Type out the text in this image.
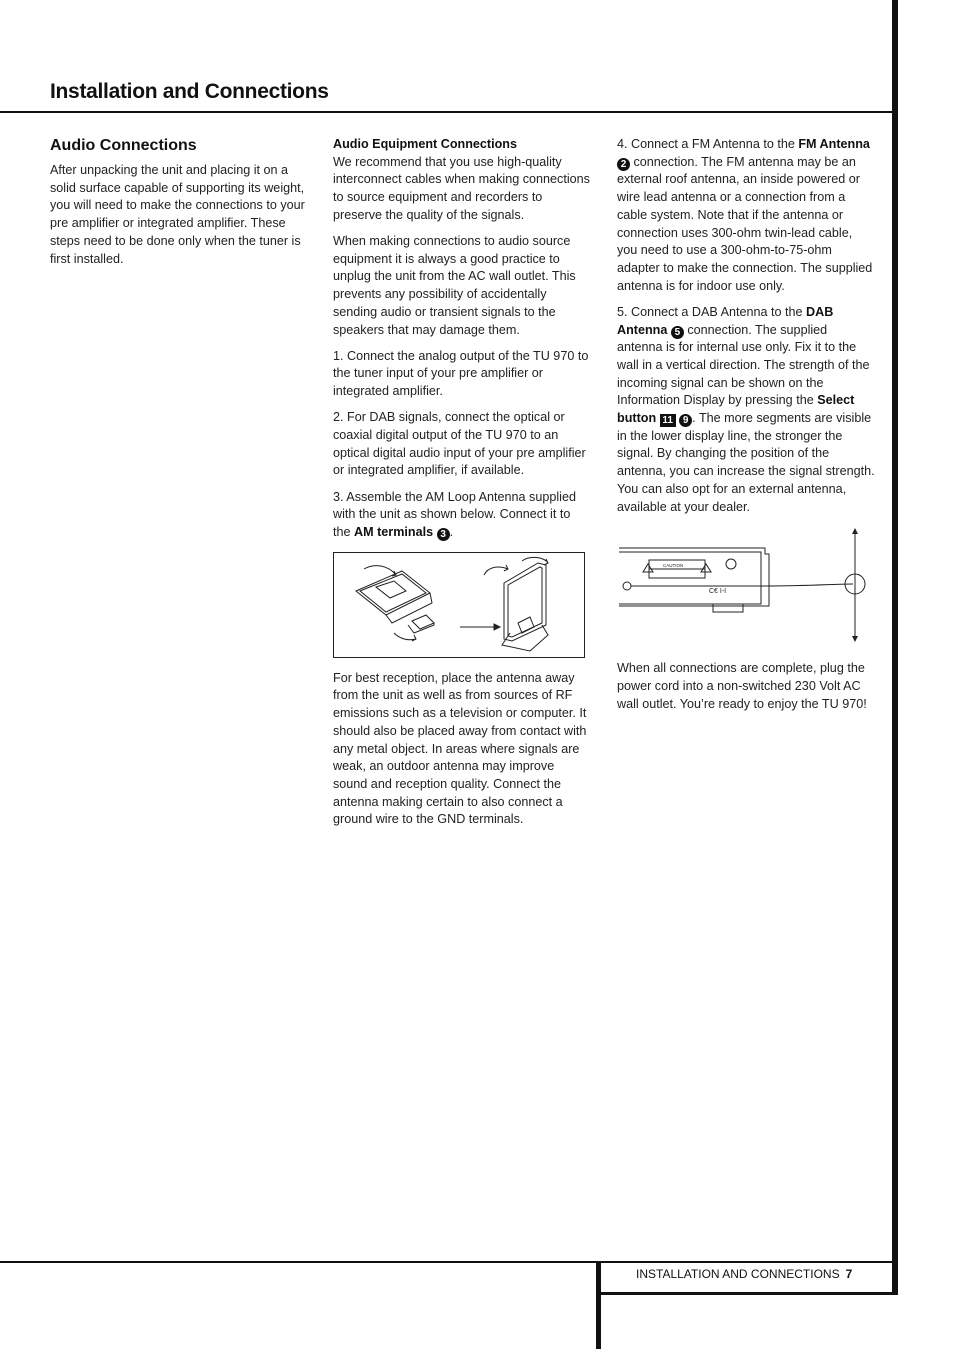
Installation and Connections
Audio Connections

After unpacking the unit and placing it on a solid surface capable of supporting its weight, you will need to make the connections to your pre amplifier or integrated amplifier. These steps need to be done only when the tuner is first installed.

Audio Equipment Connections
We recommend that you use high-quality interconnect cables when making connections to source equipment and recorders to preserve the quality of the signals.

When making connections to audio source equipment it is always a good practice to unplug the unit from the AC wall outlet. This prevents any possibility of accidentally sending audio or transient signals to the speakers that may damage them.

1. Connect the analog output of the TU 970 to the tuner input of your pre amplifier or integrated amplifier.

2. For DAB signals, connect the optical or coaxial digital output of the TU 970 to an optical digital audio input of your pre amplifier or integrated amplifier, if available.

3. Assemble the AM Loop Antenna supplied with the unit as shown below. Connect it to the AM terminals 3 .

For best reception, place the antenna away from the unit as well as from sources of RF emissions such as a television or computer. It should also be placed away from contact with any metal object. In areas where signals are weak, an outdoor antenna may improve sound and reception quality. Connect the antenna making certain to also connect a ground wire to the GND terminals.

4. Connect a FM Antenna to the FM Antenna
2 connection. The FM antenna may be an external roof antenna, an inside powered or wire lead antenna or a connection from a cable system. Note that if the antenna or connection uses 300-ohm twin-lead cable, you need to use a 300-ohm-to-75-ohm adapter to make the connection. The supplied antenna is for indoor use only.

5. Connect a DAB Antenna to the DAB Antenna 5 connection. The supplied antenna is for internal use only. Fix it to the wall in a vertical direction. The strength of the incoming signal can be shown on the Information Display by pressing the Select button 11 9 . The more segments are visible in the lower display line, the stronger the signal. By changing the position of the antenna, you can increase the signal strength. You can also opt for an external antenna, available at your dealer.

C€ I-I
CAUTION

When all connections are complete, plug the power cord into a non-switched 230 Volt AC wall outlet. You’re ready to enjoy the TU 970!

INSTALLATION AND CONNECTIONS 7
